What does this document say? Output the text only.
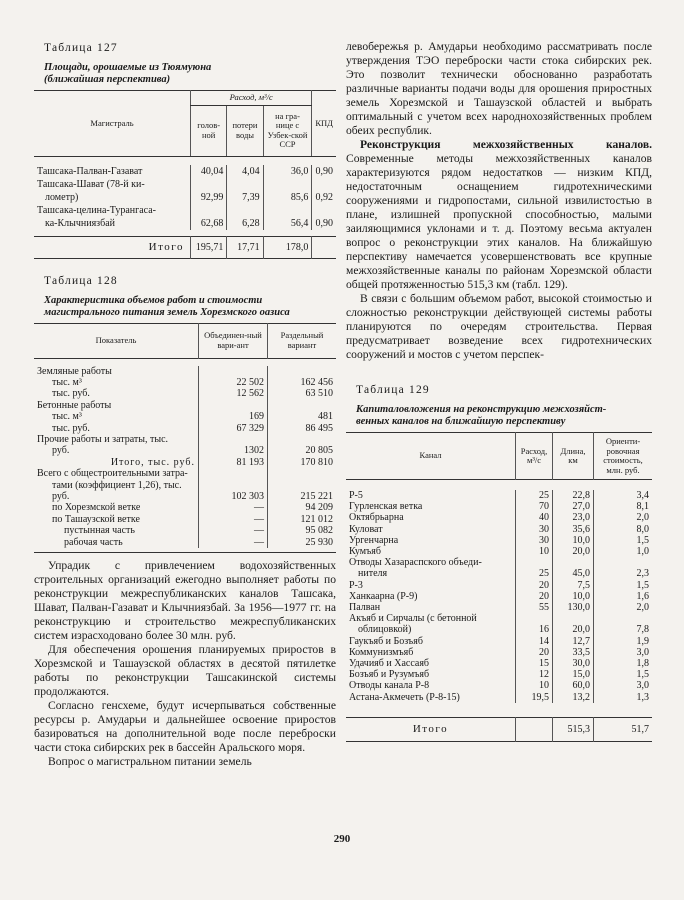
Таблица 127
Площади, орошаемые из Тюямуюна
(ближайшая перспектива)
Магистраль	Расход, м³/с			КПД
	голов-ной	потери воды	на гра-нице с Узбек-ской ССР	

Ташсака-Палван-Газават	40,04	4,04	36,0	0,90

Ташсака-Шават (78-й ки-
лометр)	92,99	7,39	85,6	0,92

Ташсака-целина-Турангаса-
ка-Клычниязбай	62,68	6,28	56,4	0,90

Итого	195,71	17,71	178,0	
Таблица 128
Характеристика объемов работ и стоимости
магистрального питания земель Хорезмского оазиса
Показатель	Объединен-ный вари-ант	Раздельный вариант

Земляные работы		
тыс. м³	22 502	162 456
тыс. руб.	12 562	63 510
Бетонные работы		
тыс. м³	169	481
тыс. руб.	67 329	86 495
Прочие работы и затраты, тыс.		
руб.	1302	20 805
Итого, тыс. руб.	81 193	170 810
Всего с общестроительными затра-		
тами (коэффициент 1,26), тыс.		
руб.	102 303	215 221
по Хорезмской ветке	—	94 209
по Ташаузской ветке	—	121 012
пустынная часть	—	95 082
рабочая часть	—	25 930

Упрадик с привлечением водохозяйственных строительных организаций ежегодно выполняет работы по реконструкции межреспубликанских каналов Ташсака, Шават, Палван-Газават и Клычниязбай. За 1956—1977 гг. на реконструкцию и строительство межреспубликанских систем израсходовано более 30 млн. руб.

Для обеспечения орошения планируемых приростов в Хорезмской и Ташаузской областях в десятой пятилетке работы по реконструкции Ташсакинской системы продолжаются.

Согласно генсхеме, будут исчерпываться собственные ресурсы р. Амударьи и дальнейшее освоение приростов базироваться на дополнительной воде после переброски части стока сибирских рек в бассейн Аральского моря.

Вопрос о магистральном питании земель

левобережья р. Амударьи необходимо рассматривать после утверждения ТЭО переброски части стока сибирских рек. Это позволит технически обоснованно разработать различные варианты подачи воды для орошения приростных земель Хорезмской и Ташаузской областей и выбрать оптимальный с учетом всех народнохозяйственных проблем обеих республик.

Реконструкция межхозяйственных каналов. Современные методы межхозяйственных каналов характеризуются рядом недостатков — низким КПД, недостаточным оснащением гидротехническими сооружениями и гидропостами, сильной извилистостью в плане, излишней пропускной способностью, малыми заиляющимися уклонами и т. д. Поэтому весьма актуален вопрос о реконструкции этих каналов. На ближайшую перспективу намечается усовершенствовать все крупные межхозяйственные каналы по районам Хорезмской области общей протяженностью 515,3 км (табл. 129).

В связи с большим объемом работ, высокой стоимостью и сложностью реконструкции действующей системы работы планируются по очередям строительства. Первая предусматривает возведение всех гидротехнических сооружений и мостов с учетом перспек-

Таблица 129
Капиталовложения на реконструкцию межхозяйст-
венных каналов на ближайшую перспективу
Канал	Расход, м³/с	Длина, км	Ориенти-ровочная стоимость, млн. руб.

Р-5	25	22,8	3,4
Гурленская ветка	70	27,0	8,1
Октябрьарна	40	23,0	2,0
Куловат	30	35,6	8,0
Ургенчарна	30	10,0	1,5
Кумъяб	10	20,0	1,0
Отводы Хазараспского объеди-			
нителя	25	45,0	2,3
Р-3	20	7,5	1,5
Ханкаарна (Р-9)	20	10,0	1,6
Палван	55	130,0	2,0
Акъяб и Сирчалы (с бетонной			
облицовкой)	16	20,0	7,8
Гаукъяб и Бозъяб	14	12,7	1,9
Коммунизмъяб	20	33,5	3,0
Удачияб и Хассаяб	15	30,0	1,8
Бозъяб и Рузумъяб	12	15,0	1,5
Отводы канала Р-8	10	60,0	3,0
Астана-Акмечеть (Р-8-15)	19,5	13,2	1,3

Итого		515,3	51,7
290
